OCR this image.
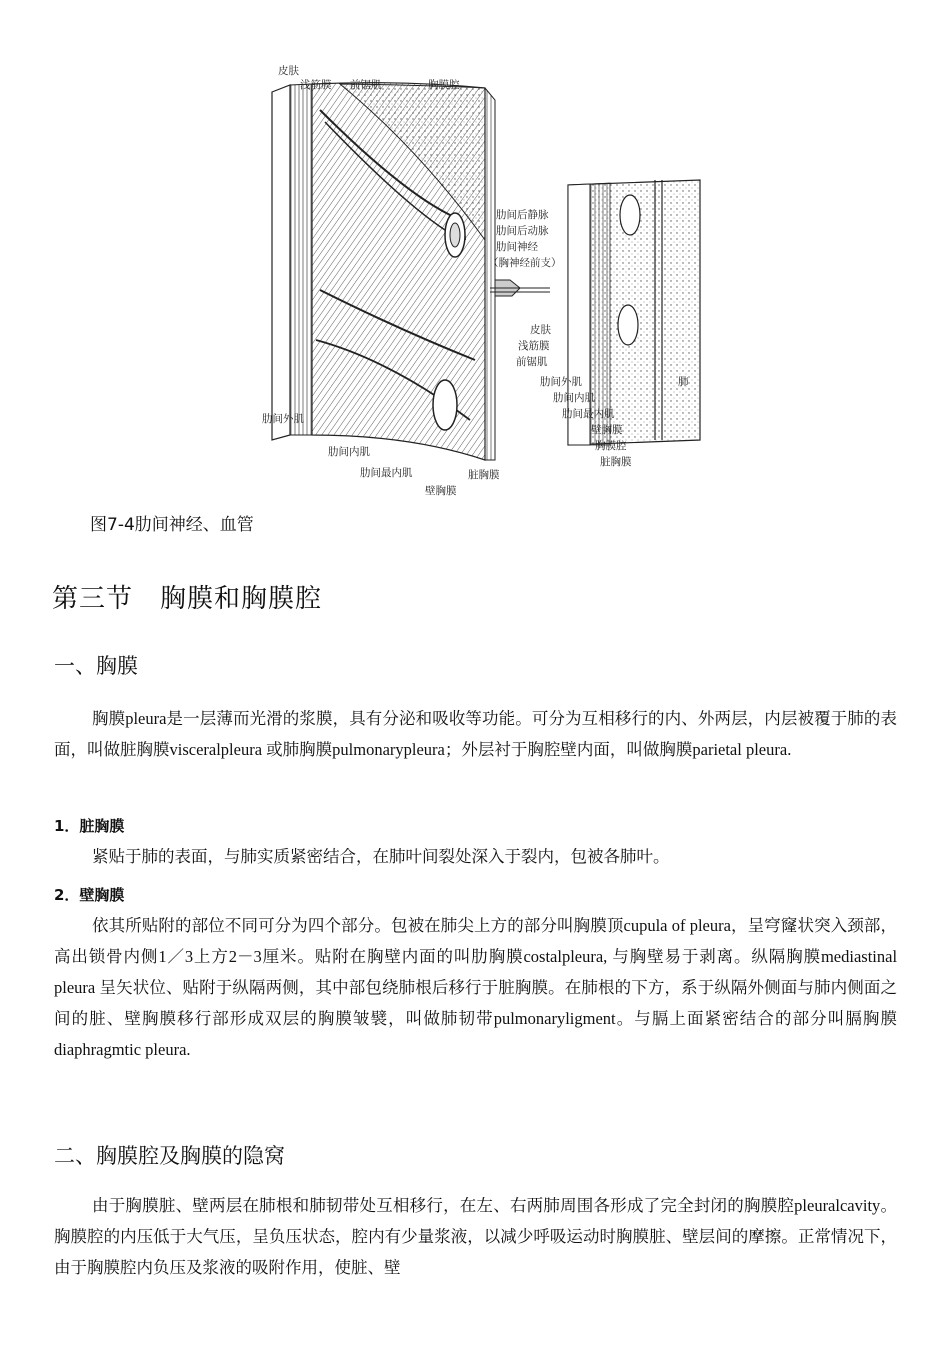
皮肤
浅筋膜 前锯肌	胸膜腔
肋间后静脉
肋间后动脉
肋间神经
（胸神经前支）
肋间外肌
肋间内肌
肋间最内肌	脏胸膜
壁胸膜
皮肤
浅筋膜
前锯肌
肋间外肌
肋间内肌
肋间最内肌
壁胸膜
胸膜腔
脏胸膜
肺
图7-4肋间神经、血管
第三节　胸膜和胸膜腔
一、胸膜
胸膜pleura是一层薄而光滑的浆膜，具有分泌和吸收等功能。可分为互相移行的内、外两层，内层被覆于肺的表面，叫做脏胸膜visceralpleura 或肺胸膜pulmonarypleura；外层衬于胸腔壁内面，叫做胸膜parietal pleura.
1．脏胸膜
紧贴于肺的表面，与肺实质紧密结合，在肺叶间裂处深入于裂内，包被各肺叶。
2．壁胸膜
依其所贴附的部位不同可分为四个部分。包被在肺尖上方的部分叫胸膜顶cupula of pleura，呈穹窿状突入颈部，高出锁骨内侧1／3上方2－3厘米。贴附在胸壁内面的叫肋胸膜costalpleura, 与胸壁易于剥离。纵隔胸膜mediastinal pleura 呈矢状位、贴附于纵隔两侧，其中部包绕肺根后移行于脏胸膜。在肺根的下方，系于纵隔外侧面与肺内侧面之间的脏、壁胸膜移行部形成双层的胸膜皱襞，叫做肺韧带pulmonaryligment。与膈上面紧密结合的部分叫膈胸膜diaphragmtic pleura.
二、胸膜腔及胸膜的隐窝
由于胸膜脏、壁两层在肺根和肺韧带处互相移行，在左、右两肺周围各形成了完全封闭的胸膜腔pleuralcavity。胸膜腔的内压低于大气压，呈负压状态，腔内有少量浆液，以减少呼吸运动时胸膜脏、壁层间的摩擦。正常情况下，由于胸膜腔内负压及浆液的吸附作用，使脏、壁
